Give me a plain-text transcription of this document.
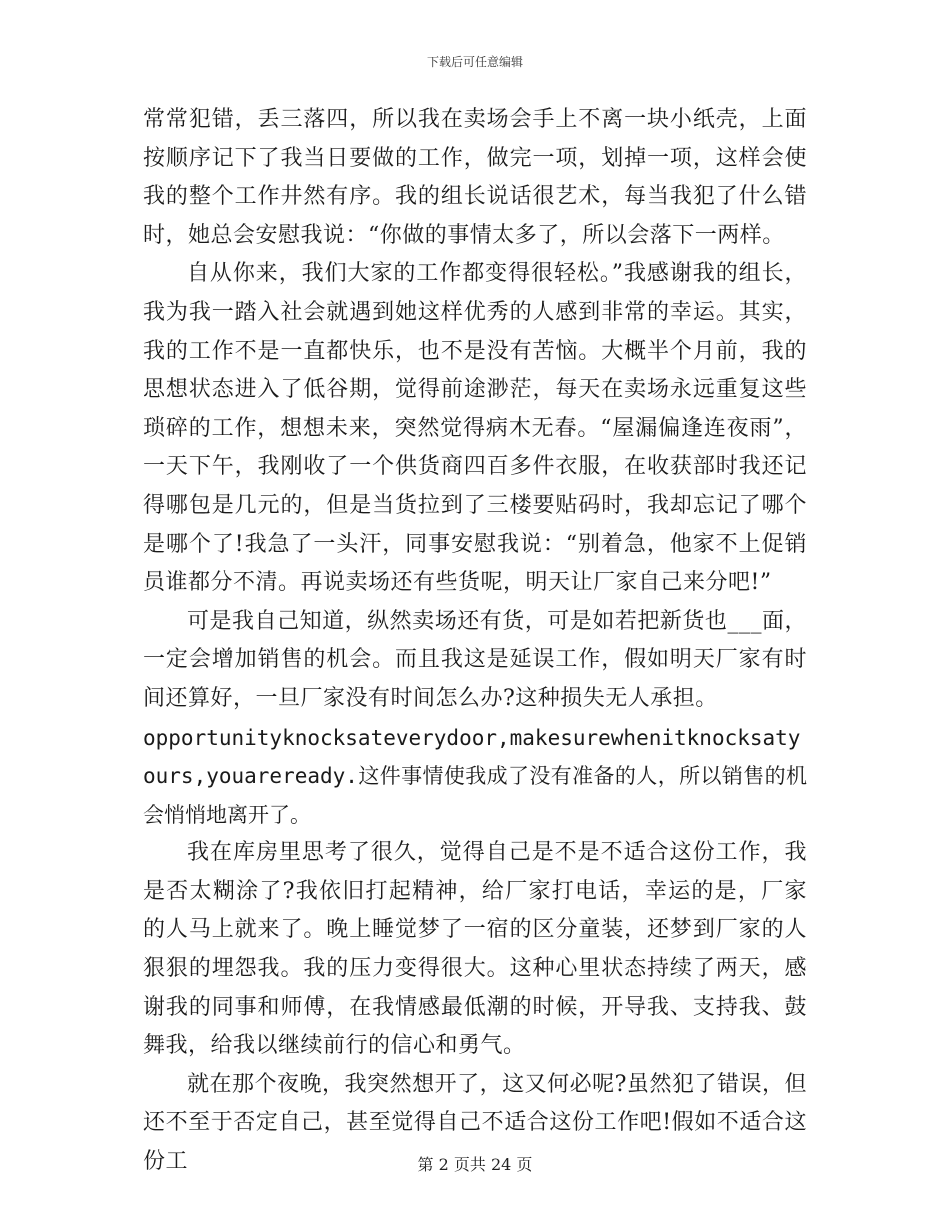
下载后可任意编辑

常常犯错，丢三落四，所以我在卖场会手上不离一块小纸壳，上面按顺序记下了我当日要做的工作，做完一项，划掉一项，这样会使我的整个工作井然有序。我的组长说话很艺术，每当我犯了什么错时，她总会安慰我说：“你做的事情太多了，所以会落下一两样。

自从你来，我们大家的工作都变得很轻松。”我感谢我的组长，我为我一踏入社会就遇到她这样优秀的人感到非常的幸运。其实，我的工作不是一直都快乐，也不是没有苦恼。大概半个月前，我的思想状态进入了低谷期，觉得前途渺茫，每天在卖场永远重复这些琐碎的工作，想想未来，突然觉得病木无春。“屋漏偏逢连夜雨”，一天下午，我刚收了一个供货商四百多件衣服，在收获部时我还记得哪包是几元的，但是当货拉到了三楼要贴码时，我却忘记了哪个是哪个了!我急了一头汗，同事安慰我说：“别着急，他家不上促销员谁都分不清。再说卖场还有些货呢，明天让厂家自己来分吧!”

可是我自己知道，纵然卖场还有货，可是如若把新货也___面，一定会增加销售的机会。而且我这是延误工作，假如明天厂家有时间还算好，一旦厂家没有时间怎么办?这种损失无人承担。

opportunityknocksateverydoor,makesurewhenitknocksatyours,youareready.这件事情使我成了没有准备的人，所以销售的机会悄悄地离开了。

我在库房里思考了很久，觉得自己是不是不适合这份工作，我是否太糊涂了?我依旧打起精神，给厂家打电话，幸运的是，厂家的人马上就来了。晚上睡觉梦了一宿的区分童装，还梦到厂家的人狠狠的埋怨我。我的压力变得很大。这种心里状态持续了两天，感谢我的同事和师傅，在我情感最低潮的时候，开导我、支持我、鼓舞我，给我以继续前行的信心和勇气。

就在那个夜晚，我突然想开了，这又何必呢?虽然犯了错误，但还不至于否定自己，甚至觉得自己不适合这份工作吧!假如不适合这份工	第 2 页共 24 页
